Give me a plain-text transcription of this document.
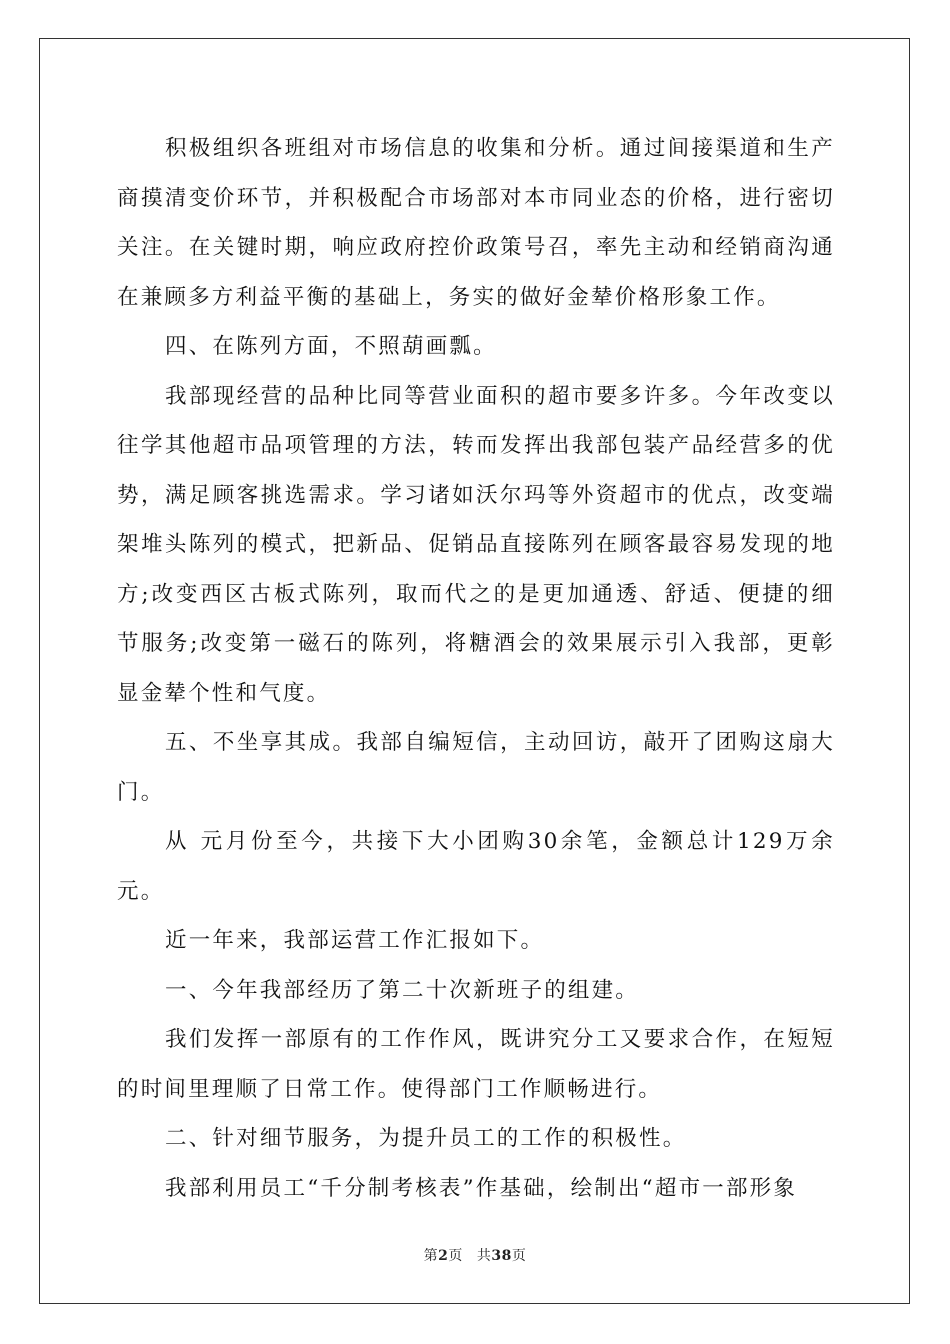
积极组织各班组对市场信息的收集和分析。通过间接渠道和生产商摸清变价环节，并积极配合市场部对本市同业态的价格，进行密切关注。在关键时期，响应政府控价政策号召，率先主动和经销商沟通在兼顾多方利益平衡的基础上，务实的做好金辇价格形象工作。

四、在陈列方面，不照葫画瓢。

我部现经营的品种比同等营业面积的超市要多许多。今年改变以往学其他超市品项管理的方法，转而发挥出我部包装产品经营多的优势，满足顾客挑选需求。学习诸如沃尔玛等外资超市的优点，改变端架堆头陈列的模式，把新品、促销品直接陈列在顾客最容易发现的地方;改变西区古板式陈列，取而代之的是更加通透、舒适、便捷的细节服务;改变第一磁石的陈列，将糖酒会的效果展示引入我部，更彰显金辇个性和气度。

五、不坐享其成。我部自编短信，主动回访，敲开了团购这扇大门。

从 元月份至今，共接下大小团购30余笔，金额总计129万余元。

近一年来，我部运营工作汇报如下。

一、今年我部经历了第二十次新班子的组建。

我们发挥一部原有的工作作风，既讲究分工又要求合作，在短短的时间里理顺了日常工作。使得部门工作顺畅进行。

二、针对细节服务，为提升员工的工作的积极性。

我部利用员工“千分制考核表”作基础，绘制出“超市一部形象

第2页 共38页
